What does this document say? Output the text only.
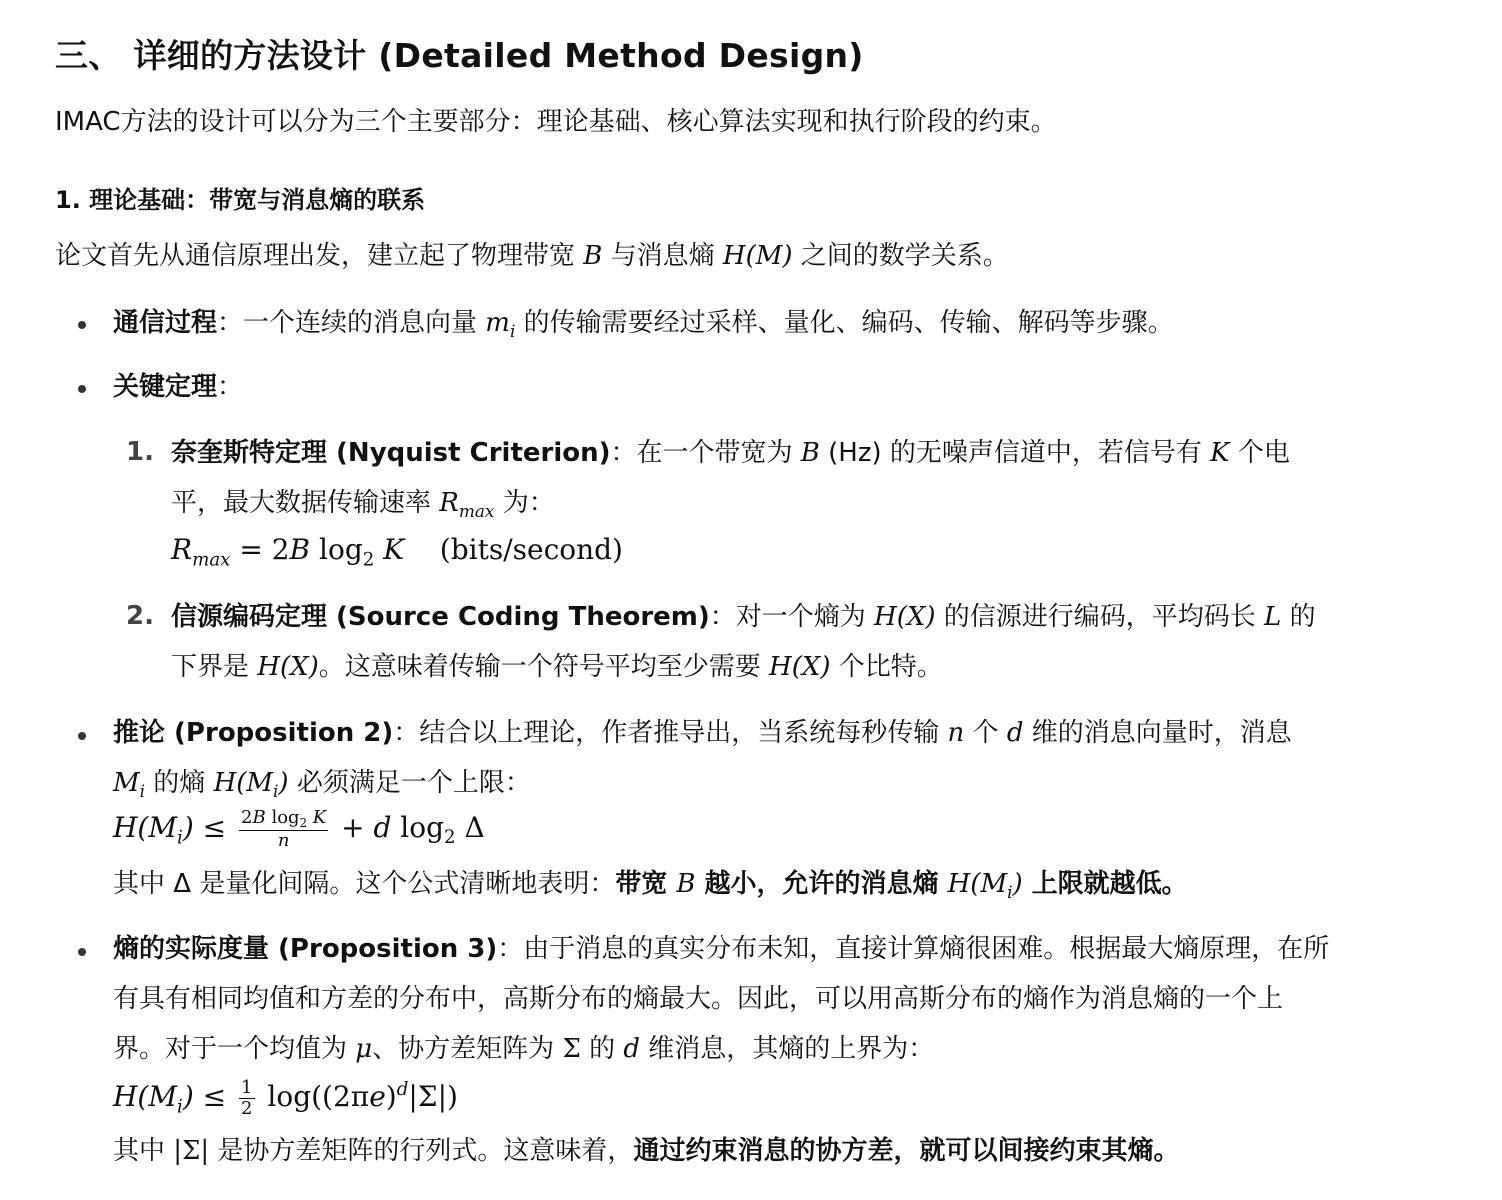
三、 详细的方法设计 (Detailed Method Design)
IMAC方法的设计可以分为三个主要部分：理论基础、核心算法实现和执行阶段的约束。
1. 理论基础：带宽与消息熵的联系
论文首先从通信原理出发，建立起了物理带宽 B 与消息熵 H(M) 之间的数学关系。
通信过程：一个连续的消息向量 $m_i$ 的传输需要经过采样、量化、编码、传输、解码等步骤。
关键定理：
1. 奈奎斯特定理 (Nyquist Criterion)：在一个带宽为 B (Hz) 的无噪声信道中，若信号有 K 个电
平，最大数据传输速率 $R_{max}$ 为：
$R_{max} = 2B$ $\log_2 K$ (bits/second)
2. 信源编码定理 (Source Coding Theorem)：对一个熵为 H(X) 的信源进行编码，平均码长 L 的
下界是 H(X)。这意味着传输一个符号平均至少需要 H(X) 个比特。
推论 (Proposition 2)：结合以上理论，作者推导出，当系统每秒传输 n 个 d 维的消息向量时，消息
$M_i$ 的熵 $H(M_i)$ 必须满足一个上限：
$H(M_i) \le \frac{2B \log_2 K}{n} + d$ $\log_2 \Delta$
其中 Δ 是量化间隔。这个公式清晰地表明：带宽 B 越小，允许的消息熵 $H(M_i)$ 上限就越低。
熵的实际度量 (Proposition 3)：由于消息的真实分布未知，直接计算熵很困难。根据最大熵原理，在所
有具有相同均值和方差的分布中，高斯分布的熵最大。因此，可以用高斯分布的熵作为消息熵的一个上
界。对于一个均值为 μ、协方差矩阵为 Σ 的 d 维消息，其熵的上界为：
$H(M_i) \le \frac{1}{2} \log((2\pi e)^d|\Sigma|)$
其中 |Σ| 是协方差矩阵的行列式。这意味着，通过约束消息的协方差，就可以间接约束其熵。
